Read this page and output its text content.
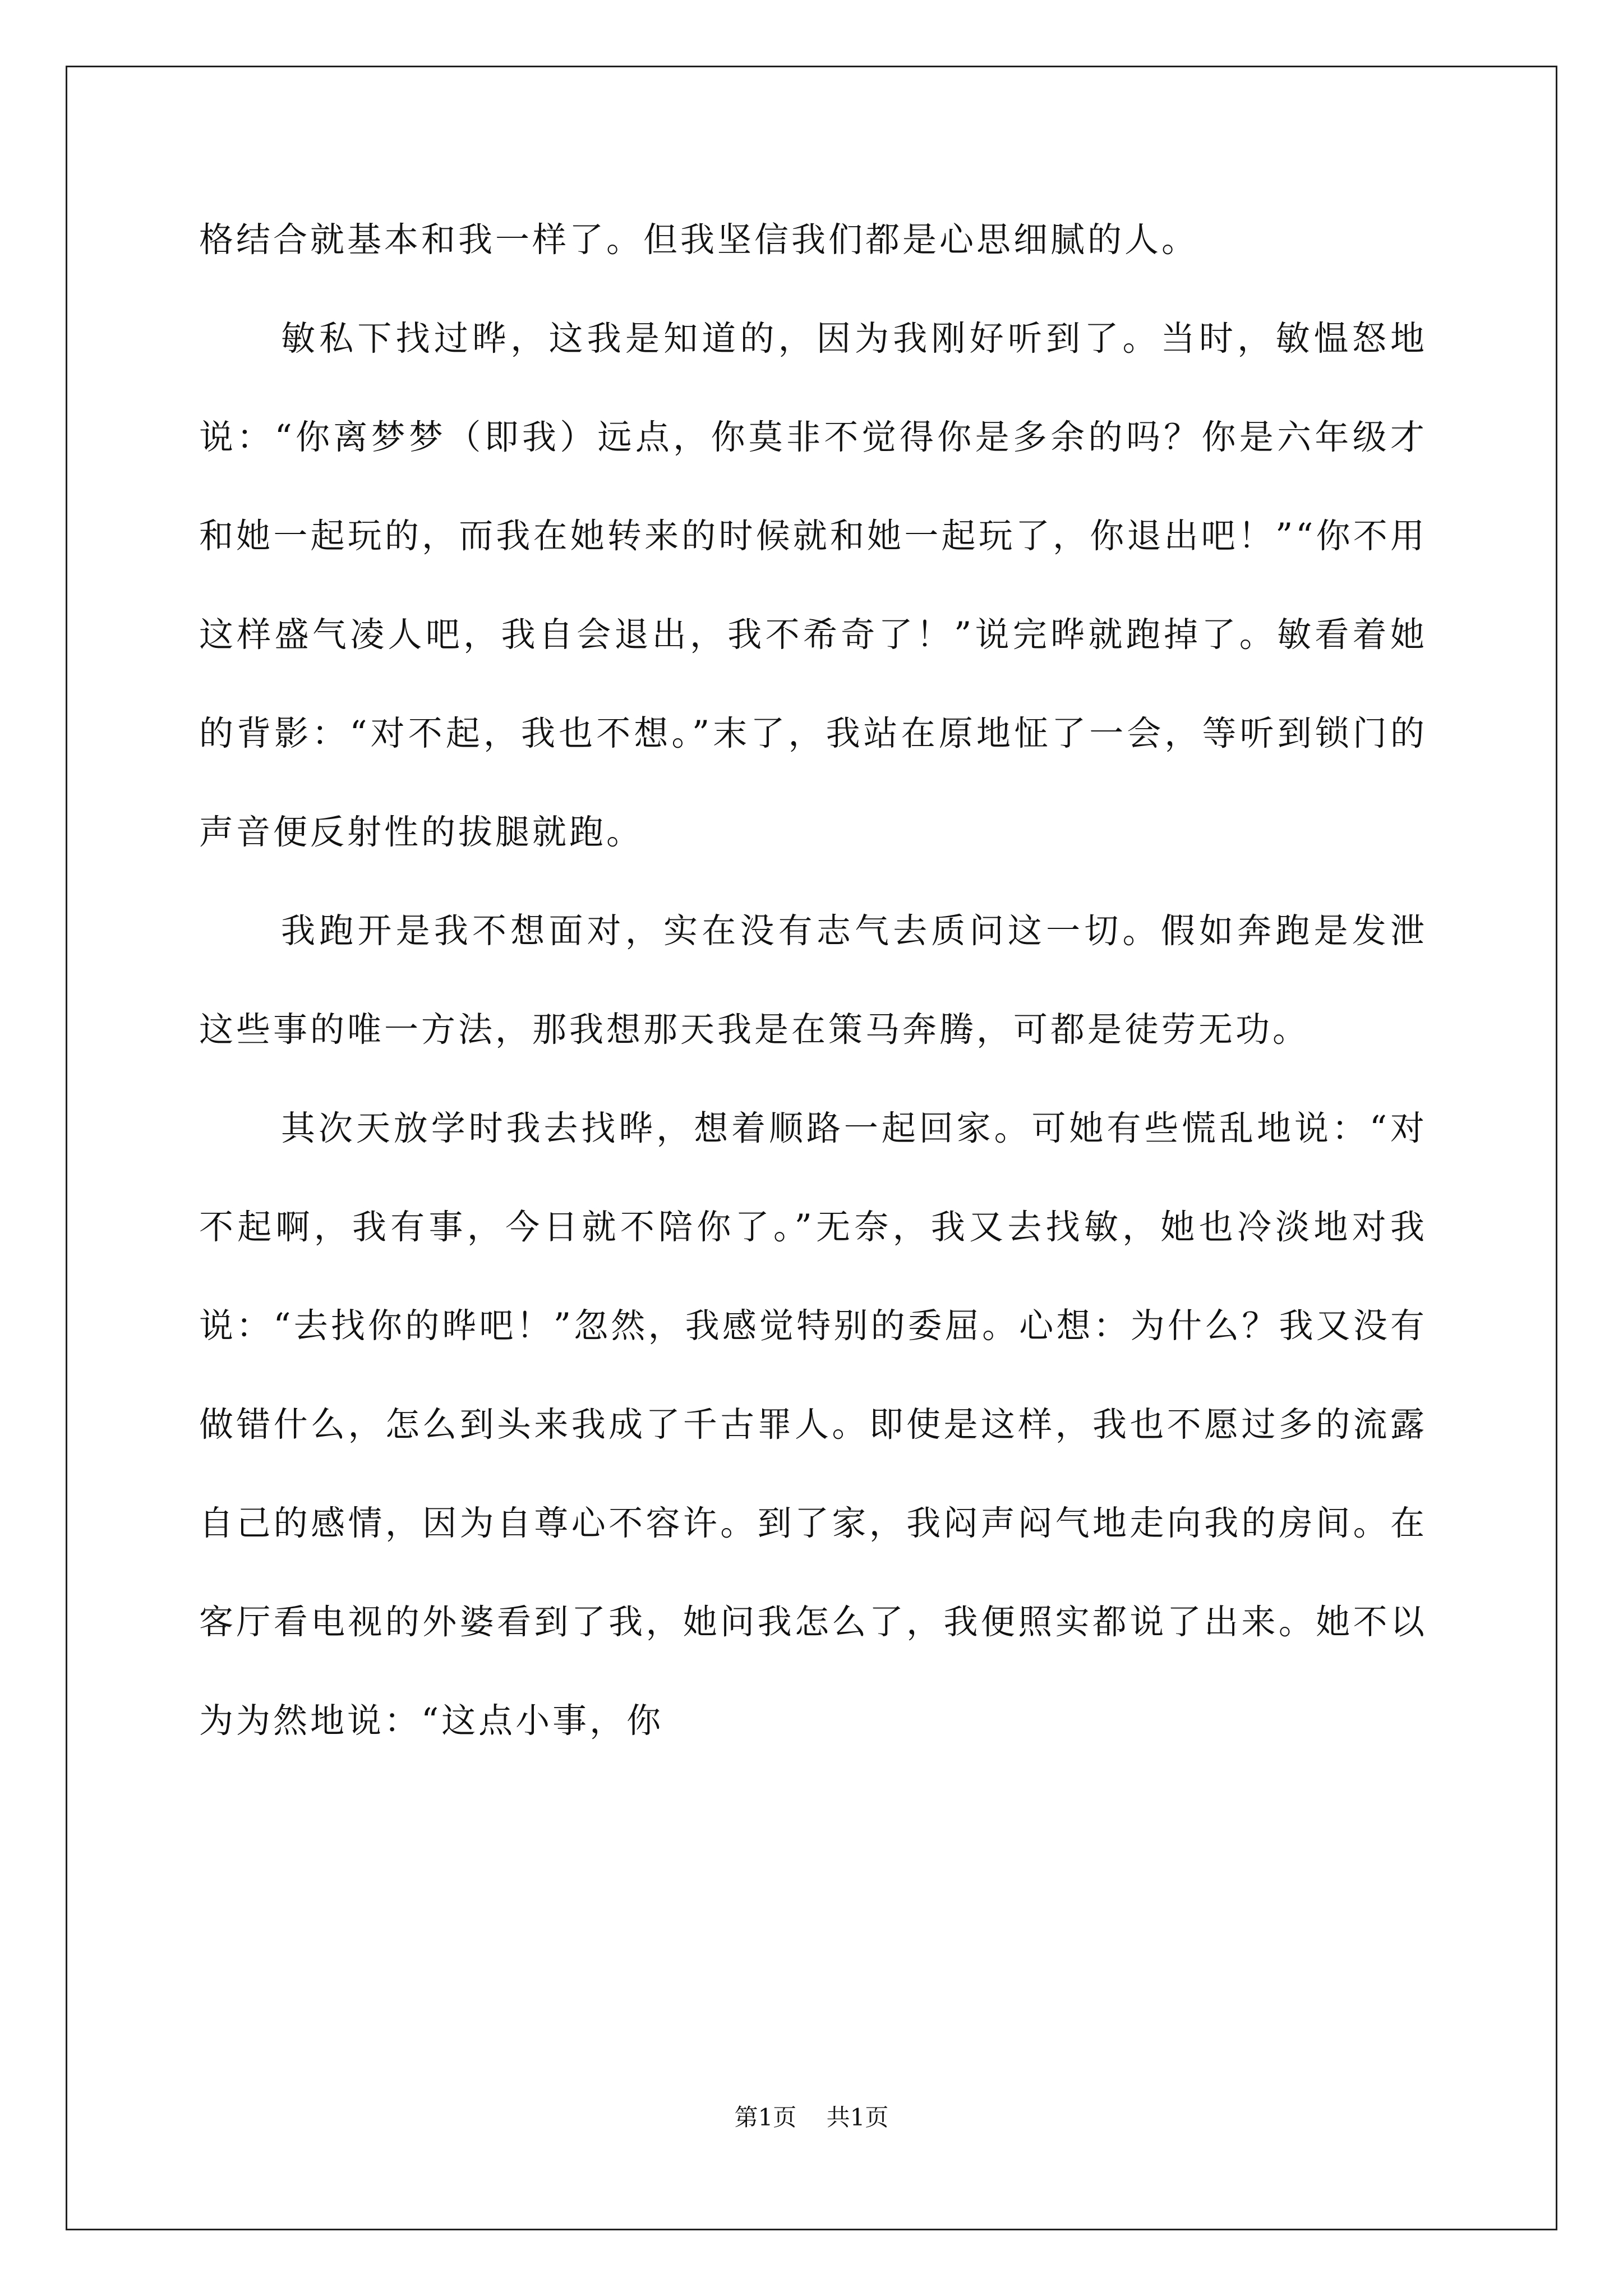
格结合就基本和我一样了。但我坚信我们都是心思细腻的人。

敏私下找过晔，这我是知道的，因为我刚好听到了。当时，敏愠怒地说：“你离梦梦（即我）远点，你莫非不觉得你是多余的吗？你是六年级才和她一起玩的，而我在她转来的时候就和她一起玩了，你退出吧！”“你不用这样盛气凌人吧，我自会退出，我不希奇了！”说完晔就跑掉了。敏看着她的背影：“对不起，我也不想。”末了，我站在原地怔了一会，等听到锁门的声音便反射性的拔腿就跑。

我跑开是我不想面对，实在没有志气去质问这一切。假如奔跑是发泄这些事的唯一方法，那我想那天我是在策马奔腾，可都是徒劳无功。

其次天放学时我去找晔，想着顺路一起回家。可她有些慌乱地说：“对不起啊，我有事，今日就不陪你了。”无奈，我又去找敏，她也冷淡地对我说：“去找你的晔吧！”忽然，我感觉特别的委屈。心想：为什么？我又没有做错什么，怎么到头来我成了千古罪人。即使是这样，我也不愿过多的流露自己的感情，因为自尊心不容许。到了家，我闷声闷气地走向我的房间。在客厅看电视的外婆看到了我，她问我怎么了，我便照实都说了出来。她不以为为然地说：“这点小事，你

第1页 共1页
